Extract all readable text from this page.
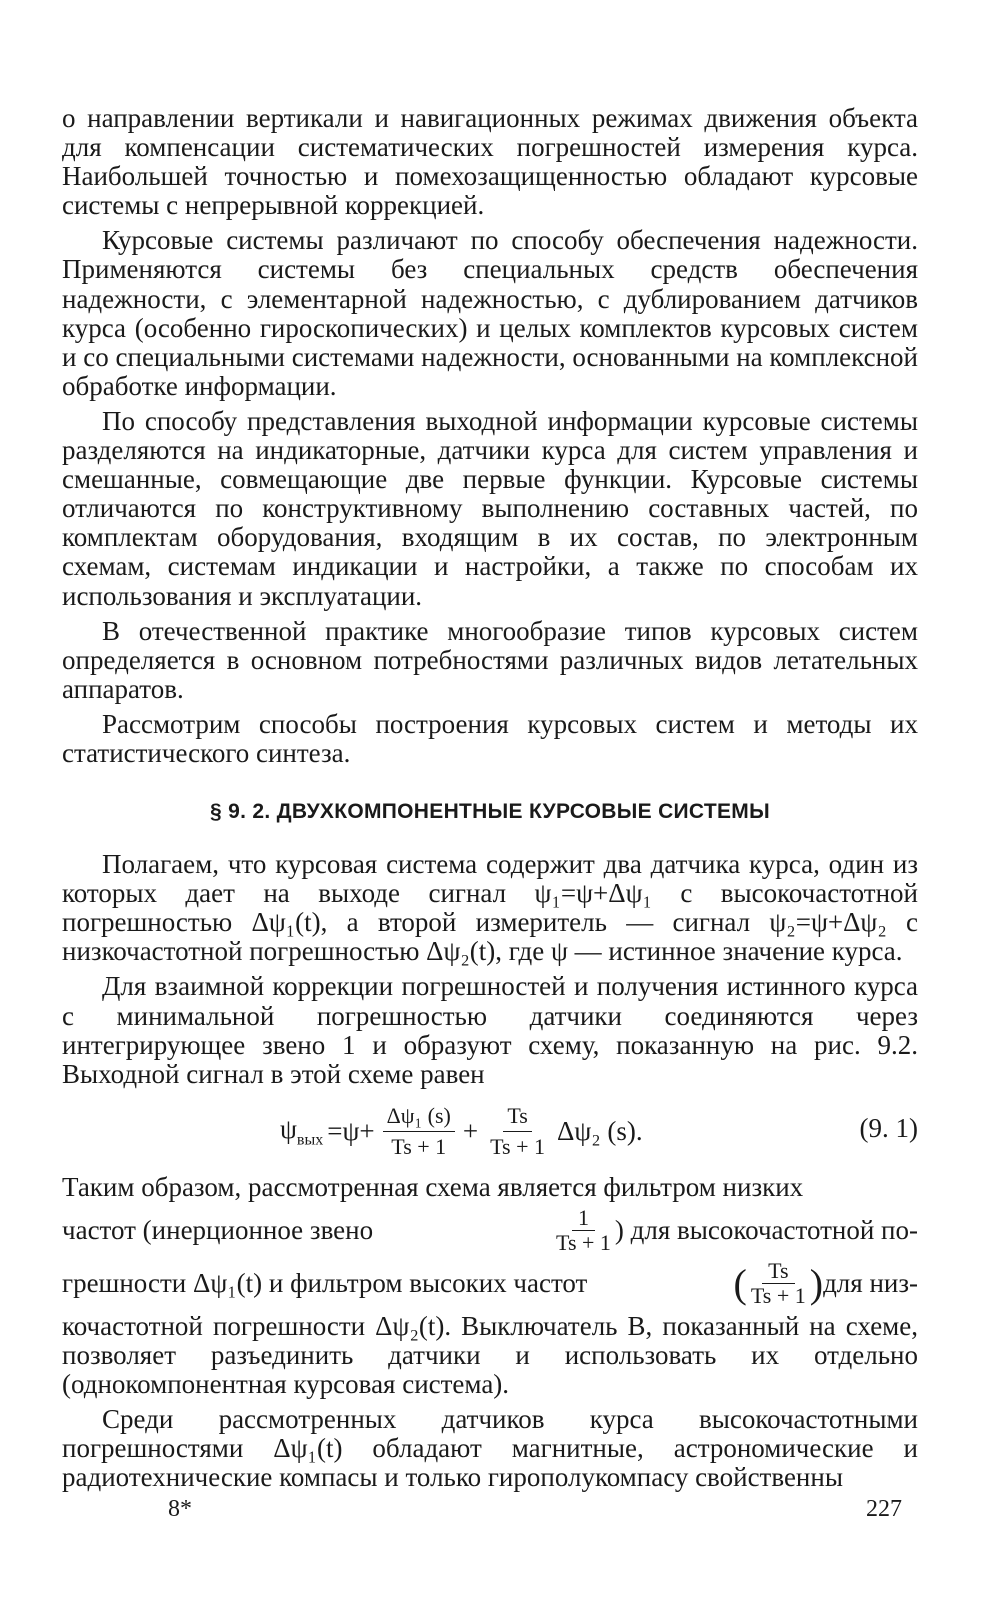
о направлении вертикали и навигационных режимах движения объекта для компенсации систематических погрешностей измерения курса. Наибольшей точностью и помехозащищенностью обладают курсовые системы с непрерывной коррекцией.

Курсовые системы различают по способу обеспечения надежности. Применяются системы без специальных средств обеспечения надежности, с элементарной надежностью, с дублированием датчиков курса (особенно гироскопических) и целых комплектов курсовых систем и со специальными системами надежности, основанными на комплексной обработке информации.

По способу представления выходной информации курсовые системы разделяются на индикаторные, датчики курса для систем управления и смешанные, совмещающие две первые функции. Курсовые системы отличаются по конструктивному выполнению составных частей, по комплектам оборудования, входящим в их состав, по электронным схемам, системам индикации и настройки, а также по способам их использования и эксплуатации.

В отечественной практике многообразие типов курсовых систем определяется в основном потребностями различных видов летательных аппаратов.

Рассмотрим способы построения курсовых систем и методы их статистического синтеза.

§ 9. 2. ДВУХКОМПОНЕНТНЫЕ КУРСОВЫЕ СИСТЕМЫ

Полагаем, что курсовая система содержит два датчика курса, один из которых дает на выходе сигнал ψ₁=ψ+Δψ₁ с высокочастотной погрешностью Δψ₁(t), а второй измеритель — сигнал ψ₂=ψ+Δψ₂ с низкочастотной погрешностью Δψ₂(t), где ψ — истинное значение курса.

Для взаимной коррекции погрешностей и получения истинного курса с минимальной погрешностью датчики соединяются через интегрирующее звено 1 и образуют схему, показанную на рис. 9.2. Выходной сигнал в этой схеме равен

$\psi_{вых} =\psi+ \frac{\text{Δψ₁ (s)}}{Ts + 1} + \frac{Ts}{Ts + 1} \Delta\psi_2$ (s).	(9. 1)
Таким образом, рассмотренная схема является фильтром низких
частот (инерционное звено	$\frac{1}{Ts + 1}$ ) для высокочастотной по-
грешности Δψ₁(t) и фильтром высоких частот	( $\frac{Ts}{Ts + 1}$ ) для низ-
кочастотной погрешности Δψ₂(t). Выключатель В, показанный на схеме, позволяет разъединить датчики и использовать их отдельно (однокомпонентная курсовая система).

Среди рассмотренных датчиков курса высокочастотными погрешностями Δψ₁(t) обладают магнитные, астрономические и радиотехнические компасы и только гирополукомпасу свойственны

8*	227
